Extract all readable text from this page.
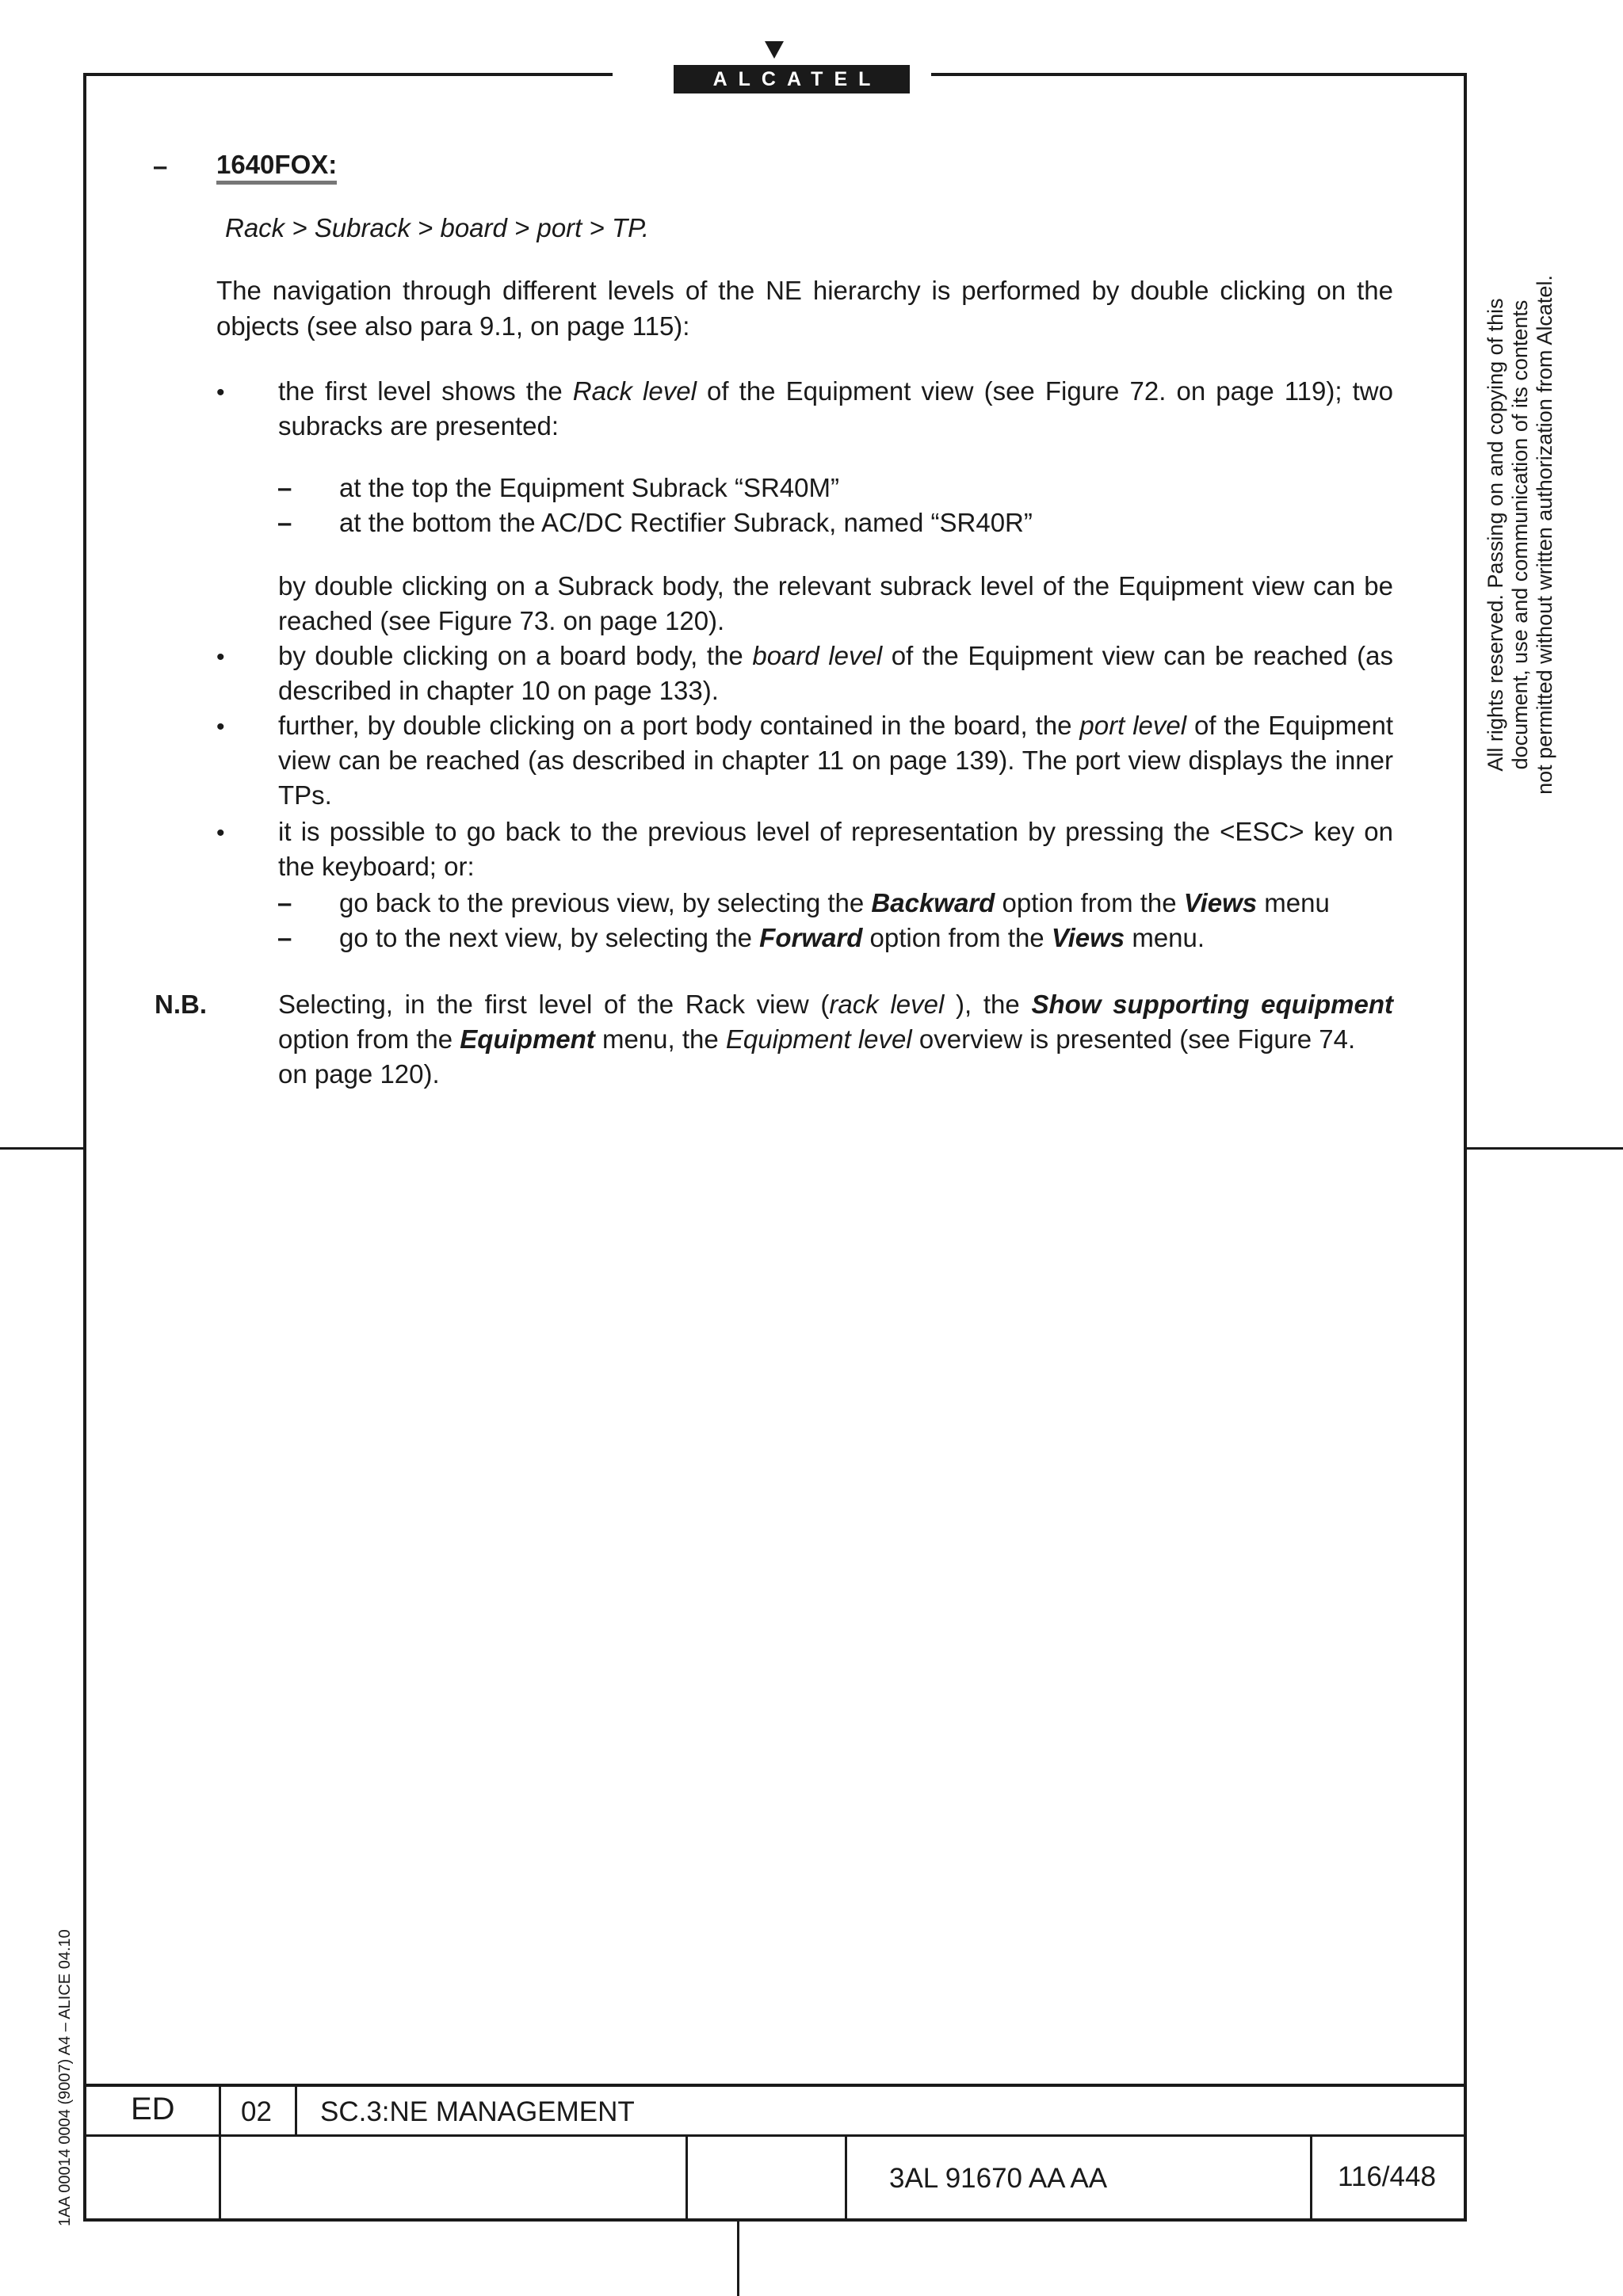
ALCATEL
– 1640FOX:
Rack > Subrack > board > port > TP.
The navigation through different levels of the NE hierarchy is performed by double clicking on the
objects (see also para 9.1, on page 115):
• the first level shows the Rack level of the Equipment view (see Figure 72. on page 119); two
subracks are presented:
– at the top the Equipment Subrack “SR40M”
– at the bottom the AC/DC Rectifier Subrack, named “SR40R”
by double clicking on a Subrack body, the relevant subrack level of the Equipment view can be
reached (see Figure 73. on page 120).
• by double clicking on a board body, the board level of the Equipment view can be reached (as
described in chapter 10 on page 133).
• further, by double clicking on a port body contained in the board, the port level of the Equipment
view can be reached (as described in chapter 11 on page 139). The port view displays the inner
TPs.
• it is possible to go back to the previous level of representation by pressing the <ESC> key on
the keyboard; or:
– go back to the previous view, by selecting the Backward option from the Views menu
– go to the next view, by selecting the Forward option from the Views menu.
N.B.	Selecting, in the first level of the Rack view (rack level ), the Show supporting equipment
option from the Equipment menu, the Equipment level overview is presented (see Figure 74.
on page 120).
All rights reserved. Passing on and copying of this document, use and communication of its contents not permitted without written authorization from Alcatel.
1AA 00014 0004 (9007) A4 – ALICE 04.10 ED 02 SC.3:NE MANAGEMENT
3AL 91670 AA AA	116/448
